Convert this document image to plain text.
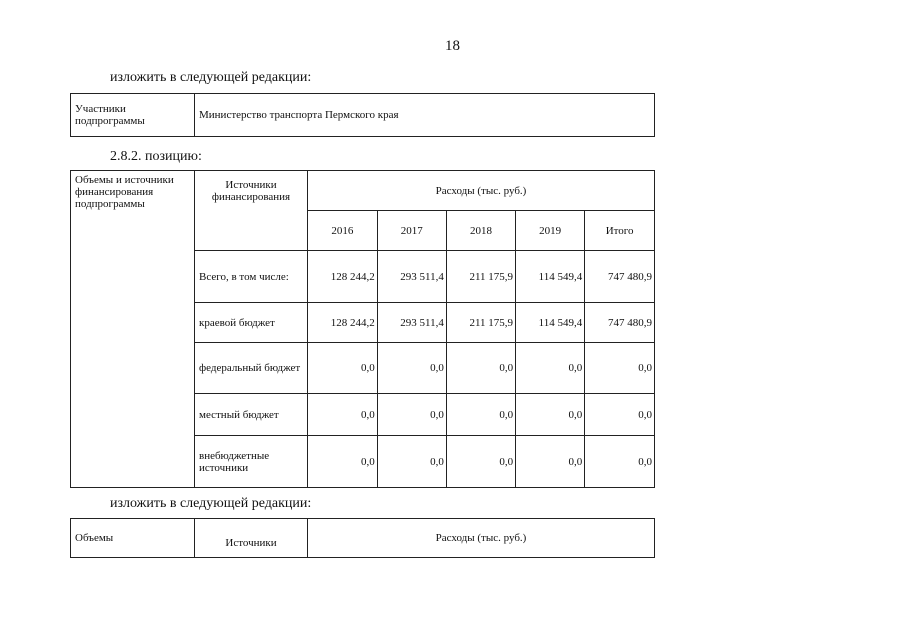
18
изложить в следующей редакции:
Участники подпрограммы	Министерство транспорта Пермского края
2.8.2. позицию:
Объемы и источники финансирования подпрограммы	Источники финансирования	Расходы (тыс. руб.)				
		2016	2017	2018	2019	Итого
	Всего, в том числе:	128 244,2	293 511,4	211 175,9	114 549,4	747 480,9
	краевой бюджет	128 244,2	293 511,4	211 175,9	114 549,4	747 480,9
	федеральный бюджет	0,0	0,0	0,0	0,0	0,0
	местный бюджет	0,0	0,0	0,0	0,0	0,0
	внебюджетные источники	0,0	0,0	0,0	0,0	0,0
изложить в следующей редакции:
Объемы	Источники	Расходы (тыс. руб.)
